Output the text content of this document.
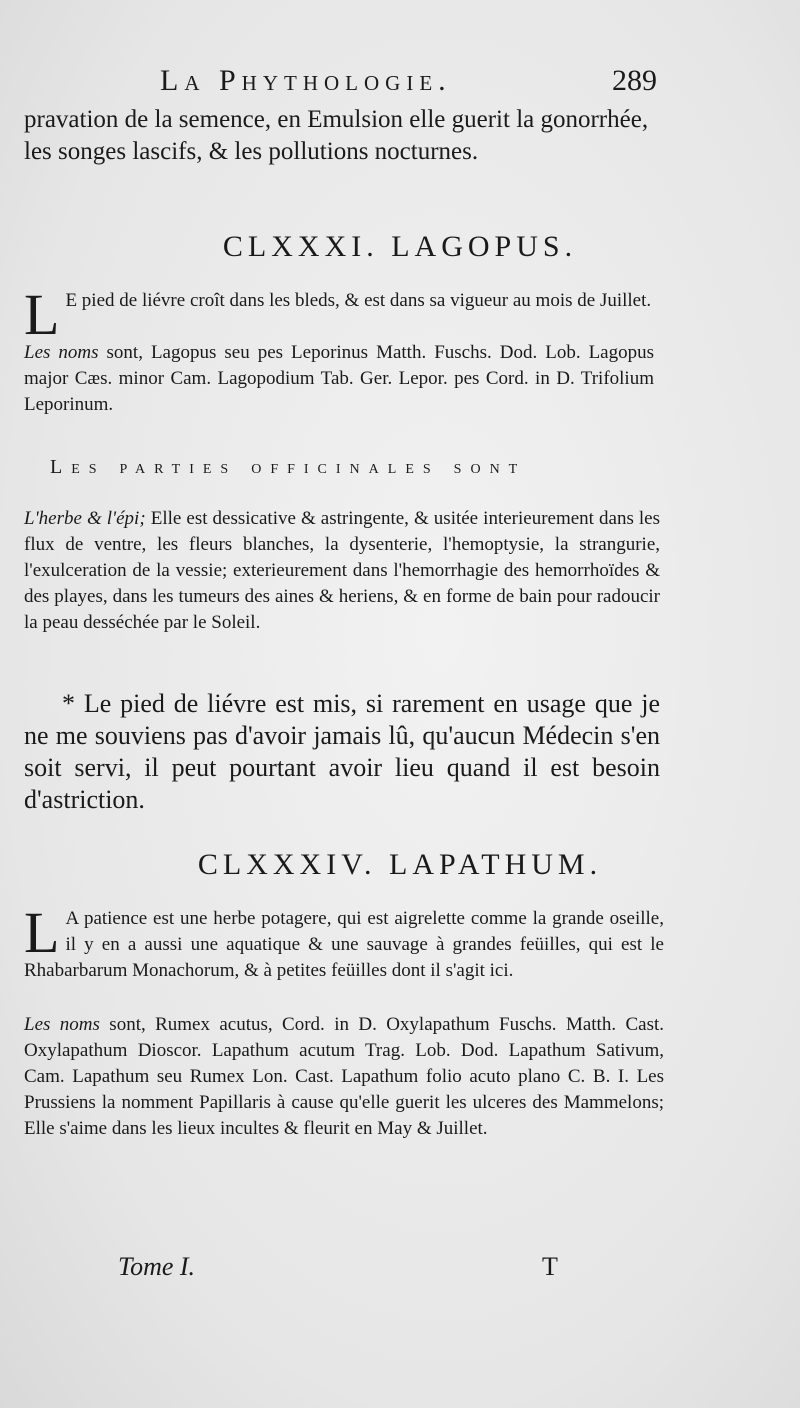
La Phythologie.	289
pravation de la semence, en Emulsion elle guerit la gonorrhée, les songes lascifs, & les pollutions nocturnes.
CLXXXI. LAGOPUS.
L E pied de liévre croît dans les bleds, & est dans sa vigueur au mois de Juillet.
Les noms sont, Lagopus seu pes Leporinus Matth. Fuschs. Dod. Lob. Lagopus major Cæs. minor Cam. Lagopodium Tab. Ger. Lepor. pes Cord. in D. Trifolium Leporinum.
Les parties officinales sont
L'herbe & l'épi; Elle est dessicative & astringente, & usitée interieurement dans les flux de ventre, les fleurs blanches, la dysenterie, l'hemoptysie, la strangurie, l'exulceration de la vessie; exterieurement dans l'hemorrhagie des hemorrhoïdes & des playes, dans les tumeurs des aines & heriens, & en forme de bain pour radoucir la peau desséchée par le Soleil.
* Le pied de liévre est mis, si rarement en usage que je ne me souviens pas d'avoir jamais lû, qu'aucun Médecin s'en soit servi, il peut pourtant avoir lieu quand il est besoin d'astriction.
CLXXXIV. LAPATHUM.
L A patience est une herbe potagere, qui est aigrelette comme la grande oseille, il y en a aussi une aquatique & une sauvage à grandes feüilles, qui est le Rhabarbarum Monachorum, & à petites feüilles dont il s'agit ici.
Les noms sont, Rumex acutus, Cord. in D. Oxylapathum Fuschs. Matth. Cast. Oxylapathum Dioscor. Lapathum acutum Trag. Lob. Dod. Lapathum Sativum, Cam. Lapathum seu Rumex Lon. Cast. Lapathum folio acuto plano C. B. I. Les Prussiens la nomment Papillaris à cause qu'elle guerit les ulceres des Mammelons; Elle s'aime dans les lieux incultes & fleurit en May & Juillet.
Tome I.	T
